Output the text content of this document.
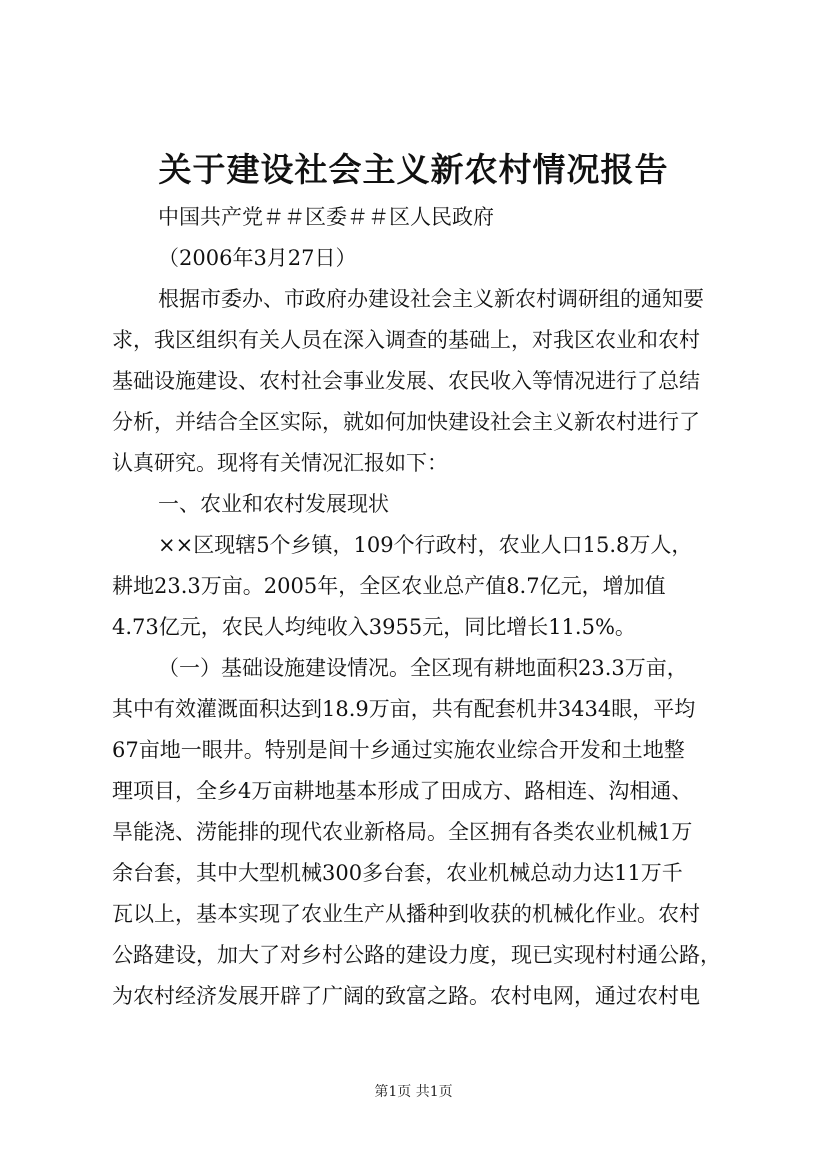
关于建设社会主义新农村情况报告
中国共产党＃＃区委＃＃区人民政府
（2006年3月27日）
根据市委办、市政府办建设社会主义新农村调研组的通知要
求，我区组织有关人员在深入调查的基础上，对我区农业和农村
基础设施建设、农村社会事业发展、农民收入等情况进行了总结
分析，并结合全区实际，就如何加快建设社会主义新农村进行了
认真研究。现将有关情况汇报如下：
一、农业和农村发展现状
××区现辖5个乡镇，109个行政村，农业人口15.8万人，
耕地23.3万亩。2005年，全区农业总产值8.7亿元，增加值
4.73亿元，农民人均纯收入3955元，同比增长11.5%。
（一）基础设施建设情况。全区现有耕地面积23.3万亩，
其中有效灌溉面积达到18.9万亩，共有配套机井3434眼，平均
67亩地一眼井。特别是间十乡通过实施农业综合开发和土地整
理项目，全乡4万亩耕地基本形成了田成方、路相连、沟相通、
旱能浇、涝能排的现代农业新格局。全区拥有各类农业机械1万
余台套，其中大型机械300多台套，农业机械总动力达11万千
瓦以上，基本实现了农业生产从播种到收获的机械化作业。农村
公路建设，加大了对乡村公路的建设力度，现已实现村村通公路，
为农村经济发展开辟了广阔的致富之路。农村电网，通过农村电
第1页 共1页
